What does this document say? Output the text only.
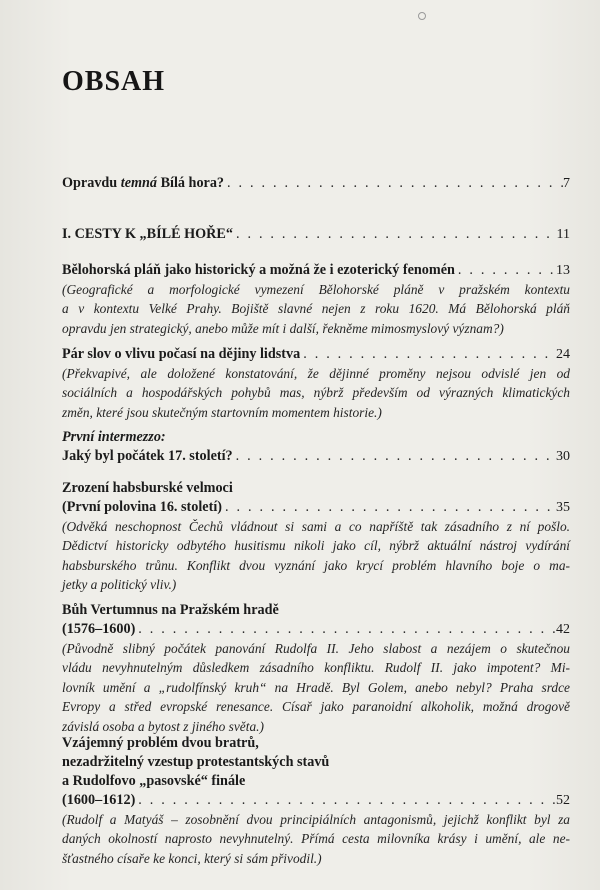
OBSAH
Opravdu temná Bílá hora? . . .	7
I. CESTY K „BÍLÉ HOŘE“ . . .	11
Bělohorská pláň jako historický a možná že i ezoterický fenomén . . .	13
(Geografické a morfologické vymezení Bělohorské pláně v pražském kontextu
a v kontextu Velké Prahy. Bojiště slavné nejen z roku 1620. Má Bělohorská pláň
opravdu jen strategický, anebo může mít i další, řekněme mimosmyslový význam?)
Pár slov o vlivu počasí na dějiny lidstva . . .	24
(Překvapivé, ale doložené konstatování, že dějinné proměny nejsou odvislé jen od
sociálních a hospodářských pohybů mas, nýbrž především od výrazných klimatických
změn, které jsou skutečným startovním momentem historie.)
První intermezzo:
Jaký byl počátek 17. století? . . .	30
Zrození habsburské velmoci
(První polovina 16. století) . . .	35
(Odvěká neschopnost Čechů vládnout si sami a co napříště tak zásadního z ní pošlo.
Dědictví historicky odbytého husitismu nikoli jako cíl, nýbrž aktuální nástroj vydírání
habsburského trůnu. Konflikt dvou vyznání jako krycí problém hlavního boje o ma-
jetky a politický vliv.)
Bůh Vertumnus na Pražském hradě
(1576–1600) . . .	42
(Původně slibný počátek panování Rudolfa II. Jeho slabost a nezájem o skutečnou
vládu nevyhnutelným důsledkem zásadního konfliktu. Rudolf II. jako impotent? Mi-
lovník umění a „rudolfínský kruh“ na Hradě. Byl Golem, anebo nebyl? Praha srdce
Evropy a střed evropské renesance. Císař jako paranoidní alkoholik, možná drogově
závislá osoba a bytost z jiného světa.)
Vzájemný problém dvou bratrů,
nezadržitelný vzestup protestantských stavů
a Rudolfovo „pasovské“ finále
(1600–1612) . . .	52
(Rudolf a Matyáš – zosobnění dvou principiálních antagonismů, jejichž konflikt byl za
daných okolností naprosto nevyhnutelný. Přímá cesta milovníka krásy i umění, ale ne-
šťastného císaře ke konci, který si sám přivodil.)
